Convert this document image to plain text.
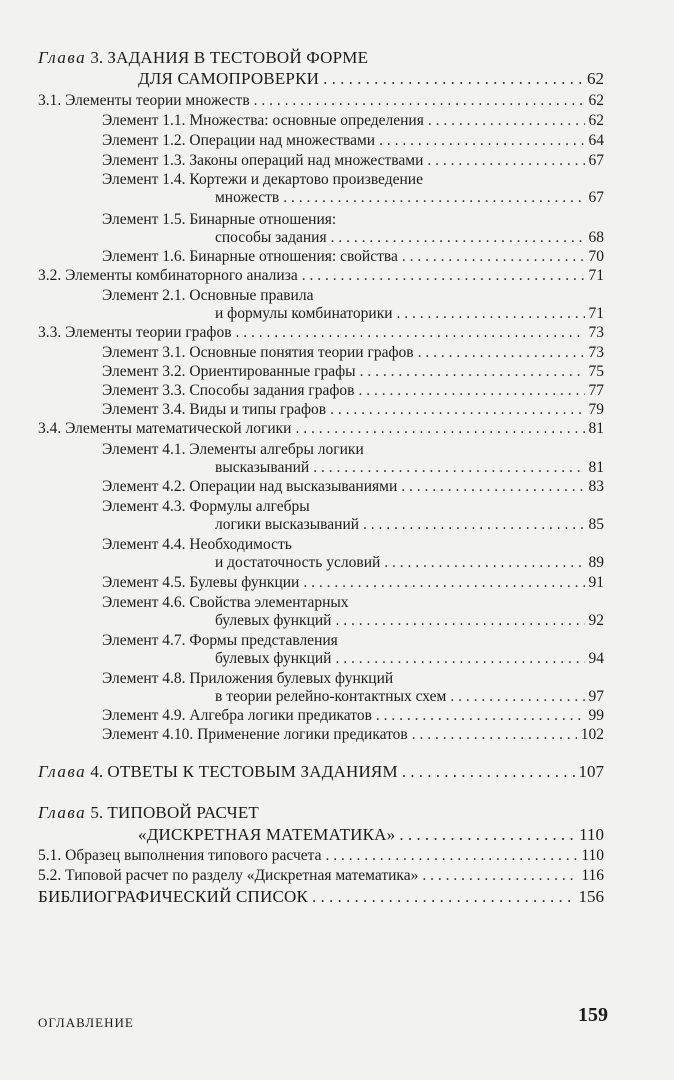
Глава 3. ЗАДАНИЯ В ТЕСТОВОЙ ФОРМЕ
ДЛЯ САМОПРОВЕРКИ . . .	62
3.1. Элементы теории множеств . . .	62
Элемент 1.1. Множества: основные определения . . .	62
Элемент 1.2. Операции над множествами . . .	64
Элемент 1.3. Законы операций над множествами . . .	67
Элемент 1.4. Кортежи и декартово произведение
множеств . . .	67
Элемент 1.5. Бинарные отношения:
способы задания . . .	68
Элемент 1.6. Бинарные отношения: свойства . . .	70
3.2. Элементы комбинаторного анализа . . .	71
Элемент 2.1. Основные правила
и формулы комбинаторики . . .	71
3.3. Элементы теории графов . . .	73
Элемент 3.1. Основные понятия теории графов . . .	73
Элемент 3.2. Ориентированные графы . . .	75
Элемент 3.3. Способы задания графов . . .	77
Элемент 3.4. Виды и типы графов . . .	79
3.4. Элементы математической логики . . .	81
Элемент 4.1. Элементы алгебры логики
высказываний . . .	81
Элемент 4.2. Операции над высказываниями . . .	83
Элемент 4.3. Формулы алгебры
логики высказываний . . .	85
Элемент 4.4. Необходимость
и достаточность условий . . .	89
Элемент 4.5. Булевы функции . . .	91
Элемент 4.6. Свойства элементарных
булевых функций . . .	92
Элемент 4.7. Формы представления
булевых функций . . .	94
Элемент 4.8. Приложения булевых функций
в теории релейно-контактных схем . . .	97
Элемент 4.9. Алгебра логики предикатов . . .	99
Элемент 4.10. Применение логики предикатов . . .	102
Глава 4. ОТВЕТЫ К ТЕСТОВЫМ ЗАДАНИЯМ . . .	107
Глава 5. ТИПОВОЙ РАСЧЕТ
«ДИСКРЕТНАЯ МАТЕМАТИКА» . . .	110
5.1. Образец выполнения типового расчета . . .	110
5.2. Типовой расчет по разделу «Дискретная математика» . . .	116
БИБЛИОГРАФИЧЕСКИЙ СПИСОК . . .	156
ОГЛАВЛЕНИЕ	159
